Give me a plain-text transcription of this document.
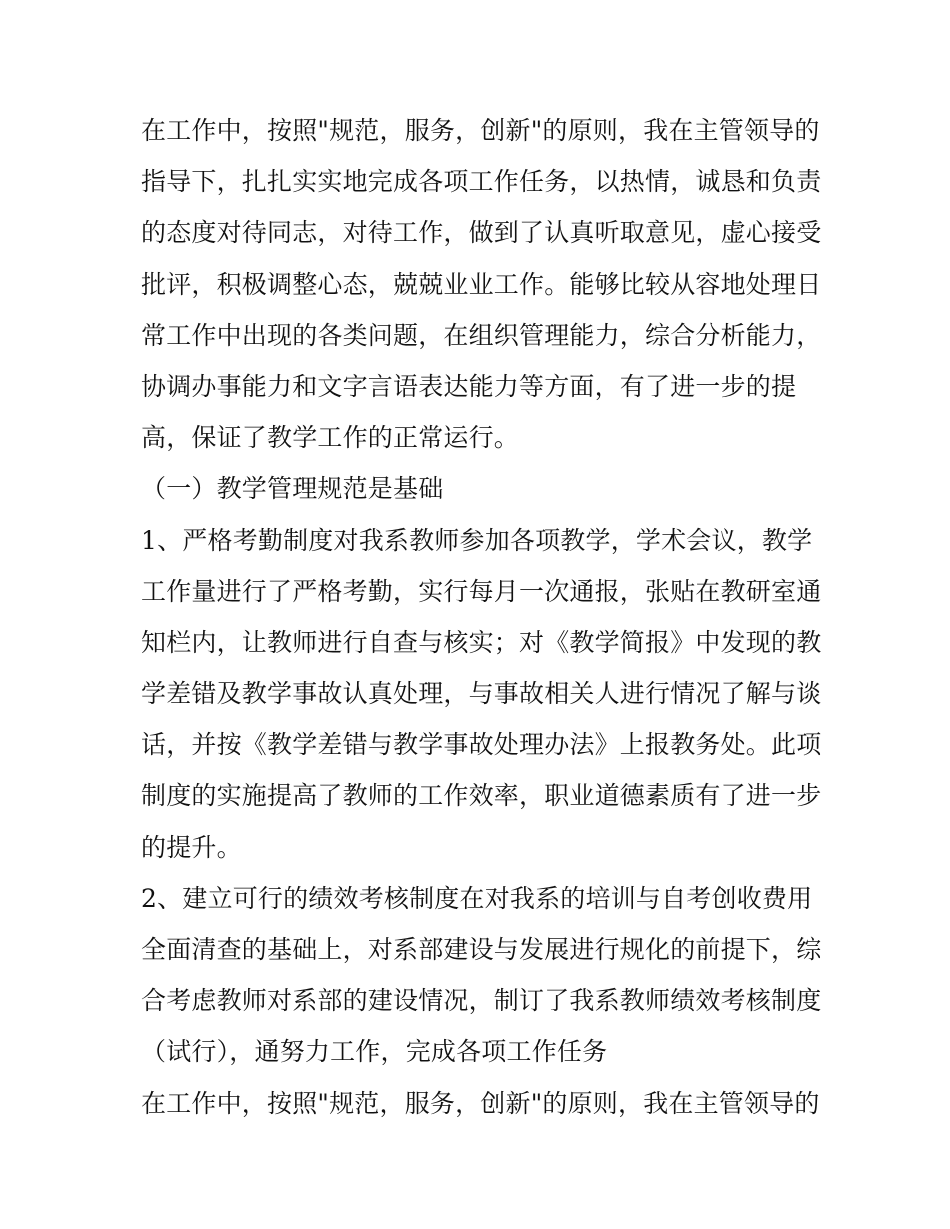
在工作中，按照"规范，服务，创新"的原则，我在主管领导的
指导下，扎扎实实地完成各项工作任务，以热情，诚恳和负责
的态度对待同志，对待工作，做到了认真听取意见，虚心接受
批评，积极调整心态，兢兢业业工作。能够比较从容地处理日
常工作中出现的各类问题，在组织管理能力，综合分析能力，
协调办事能力和文字言语表达能力等方面，有了进一步的提
高，保证了教学工作的正常运行。
（一）教学管理规范是基础
1、严格考勤制度对我系教师参加各项教学，学术会议，教学
工作量进行了严格考勤，实行每月一次通报，张贴在教研室通
知栏内，让教师进行自查与核实；对《教学简报》中发现的教
学差错及教学事故认真处理，与事故相关人进行情况了解与谈
话，并按《教学差错与教学事故处理办法》上报教务处。此项
制度的实施提高了教师的工作效率，职业道德素质有了进一步
的提升。
2、建立可行的绩效考核制度在对我系的培训与自考创收费用
全面清查的基础上，对系部建设与发展进行规化的前提下，综
合考虑教师对系部的建设情况，制订了我系教师绩效考核制度
（试行），通努力工作，完成各项工作任务
在工作中，按照"规范，服务，创新"的原则，我在主管领导的
